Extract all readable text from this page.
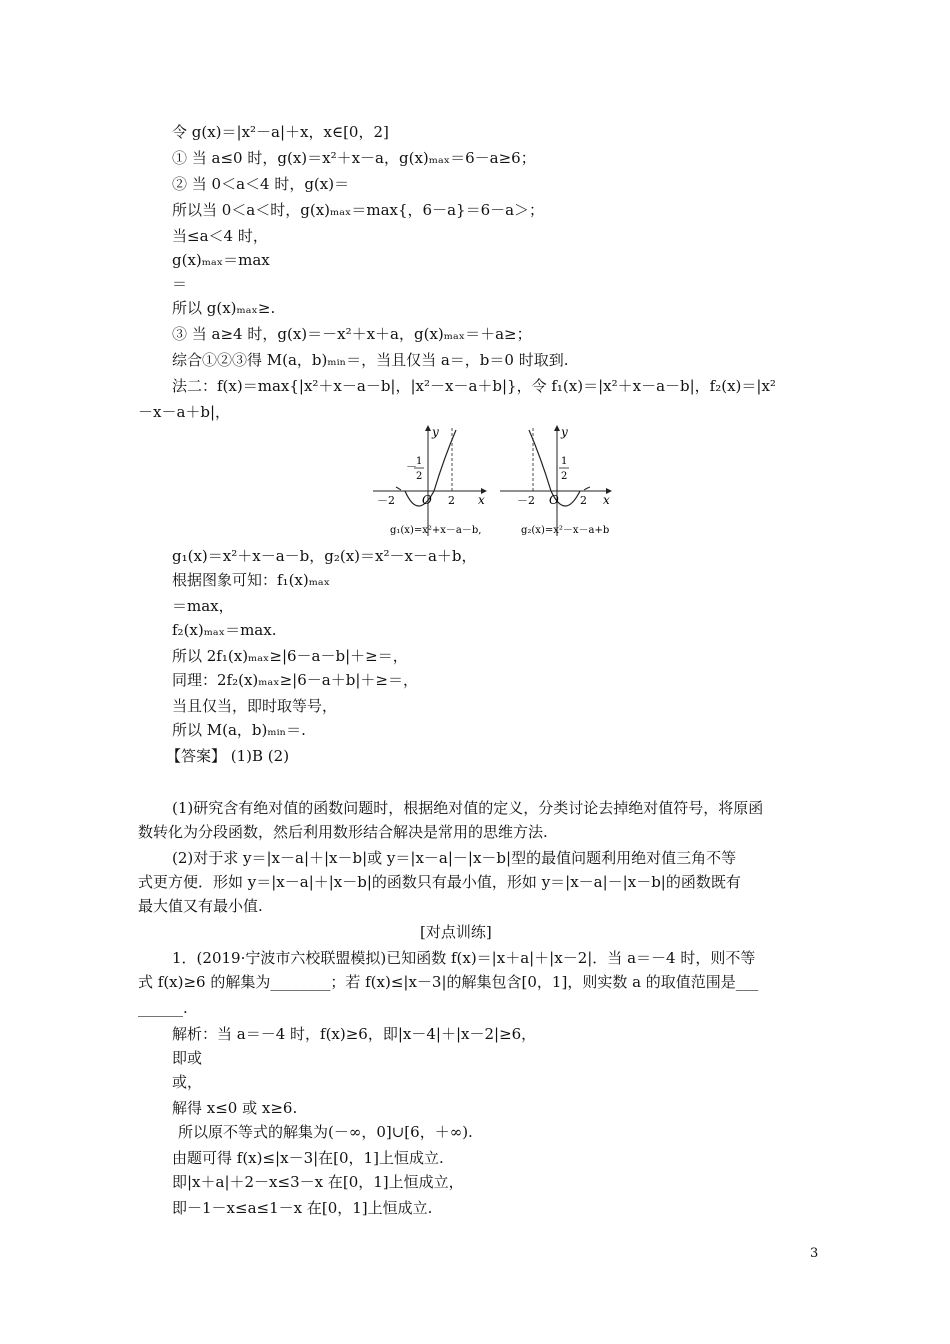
令 g(x)＝|x²－a|＋x，x∈[0，2]
① 当 a≤0 时，g(x)＝x²＋x－a，g(x)ₘₐₓ＝6－a≥6；
② 当 0＜a＜4 时，g(x)＝
所以当 0＜a＜时，g(x)ₘₐₓ＝max{，6－a}＝6－a＞；
当≤a＜4 时，
g(x)ₘₐₓ＝max
＝
所以 g(x)ₘₐₓ≥.
③ 当 a≥4 时，g(x)＝－x²＋x＋a，g(x)ₘₐₓ＝＋a≥；
综合①②③得 M(a，b)ₘᵢₙ＝，当且仅当 a＝，b＝0 时取到.
法二：f(x)＝max{|x²＋x－a－b|，|x²－x－a＋b|}，令 f₁(x)＝|x²＋x－a－b|，f₂(x)＝|x²
－x－a＋b|，
y
x
O
－2	2
－ 1
2
g₁(x)=x²+x－a－b,
y
x
O
－2	2
1
2
g₂(x)=x²－x－a+b
g₁(x)＝x²＋x－a－b，g₂(x)＝x²－x－a＋b，
根据图象可知：f₁(x)ₘₐₓ
＝max，
f₂(x)ₘₐₓ＝max.
所以 2f₁(x)ₘₐₓ≥|6－a－b|＋≥＝，
同理：2f₂(x)ₘₐₓ≥|6－a＋b|＋≥＝，
当且仅当，即时取等号，
所以 M(a，b)ₘᵢₙ＝.
【答案】 (1)B (2)
(1)研究含有绝对值的函数问题时，根据绝对值的定义，分类讨论去掉绝对值符号，将原函
数转化为分段函数，然后利用数形结合解决是常用的思维方法.
(2)对于求 y＝|x－a|＋|x－b|或 y＝|x－a|－|x－b|型的最值问题利用绝对值三角不等
式更方便．形如 y＝|x－a|＋|x－b|的函数只有最小值，形如 y＝|x－a|－|x－b|的函数既有
最大值又有最小值.
[对点训练]
1．(2019·宁波市六校联盟模拟)已知函数 f(x)＝|x＋a|＋|x－2|．当 a＝－4 时，则不等
式 f(x)≥6 的解集为________；若 f(x)≤|x－3|的解集包含[0，1]，则实数 a 的取值范围是___
______.
解析：当 a＝－4 时，f(x)≥6，即|x－4|＋|x－2|≥6，
即或
或，
解得 x≤0 或 x≥6.
所以原不等式的解集为(－∞，0]∪[6，＋∞).
由题可得 f(x)≤|x－3|在[0，1]上恒成立.
即|x＋a|＋2－x≤3－x 在[0，1]上恒成立，
即－1－x≤a≤1－x 在[0，1]上恒成立.
3
